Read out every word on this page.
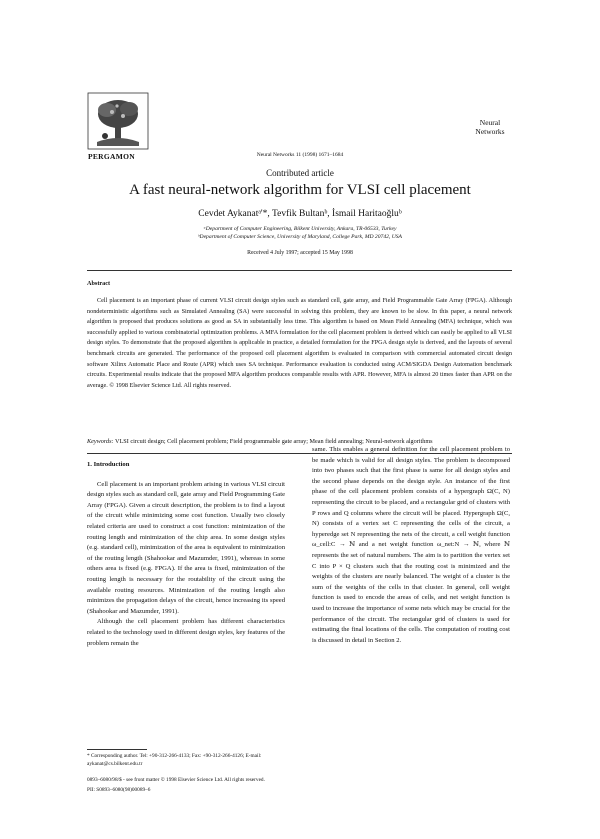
PERGAMON
Neural
Networks
Neural Networks 11 (1998) 1671–1684
Contributed article
A fast neural-network algorithm for VLSI cell placement
Cevdet Aykanatᵃ'*, Tevfik Bultanᵇ, İsmail Haritaoğluᵇ
ᵃDepartment of Computer Engineering, Bilkent University, Ankara, TR-06533, Turkey
ᵇDepartment of Computer Science, University of Maryland, College Park, MD 20742, USA
Received 4 July 1997; accepted 15 May 1998
Abstract
Cell placement is an important phase of current VLSI circuit design styles such as standard cell, gate array, and Field Programmable Gate Array (FPGA). Although nondeterministic algorithms such as Simulated Annealing (SA) were successful in solving this problem, they are known to be slow. In this paper, a neural network algorithm is proposed that produces solutions as good as SA in substantially less time. This algorithm is based on Mean Field Annealing (MFA) technique, which was successfully applied to various combinatorial optimization problems. A MFA formulation for the cell placement problem is derived which can easily be applied to all VLSI design styles. To demonstrate that the proposed algorithm is applicable in practice, a detailed formulation for the FPGA design style is derived, and the layouts of several benchmark circuits are generated. The performance of the proposed cell placement algorithm is evaluated in comparison with commercial automated circuit design software Xilinx Automatic Place and Route (APR) which uses SA technique. Performance evaluation is conducted using ACM/SIGDA Design Automation benchmark circuits. Experimental results indicate that the proposed MFA algorithm produces comparable results with APR. However, MFA is almost 20 times faster than APR on the average. © 1998 Elsevier Science Ltd. All rights reserved.
Keywords: VLSI circuit design; Cell placement problem; Field programmable gate array; Mean field annealing; Neural-network algorithms
1. Introduction

Cell placement is an important problem arising in various VLSI circuit design styles such as standard cell, gate array and Field Programming Gate Array (FPGA). Given a circuit description, the problem is to find a layout of the circuit while minimizing some cost function. Usually two closely related criteria are used to construct a cost function: minimization of the routing length and minimization of the chip area. In some design styles (e.g. standard cell), minimization of the area is equivalent to minimization of the routing length (Shahookar and Mazumder, 1991), whereas in some others area is fixed (e.g. FPGA). If the area is fixed, minimization of the routing length is necessary for the routability of the circuit using the available routing resources. Minimization of the routing length also minimizes the propagation delays of the circuit, hence increasing its speed (Shahookar and Mazumder, 1991).

Although the cell placement problem has different characteristics related to the technology used in different design styles, key features of the problem remain the

same. This enables a general definition for the cell placement problem to be made which is valid for all design styles. The problem is decomposed into two phases such that the first phase is same for all design styles and the second phase depends on the design style. An instance of the first phase of the cell placement problem consists of a hypergraph Ω(C, N) representing the circuit to be placed, and a rectangular grid of clusters with P rows and Q columns where the circuit will be placed. Hypergraph Ω(C, N) consists of a vertex set C representing the cells of the circuit, a hyperedge set N representing the nets of the circuit, a cell weight function ω_cell:C → ℕ and a net weight function ω_net:N → ℕ, where ℕ represents the set of natural numbers. The aim is to partition the vertex set C into P × Q clusters such that the routing cost is minimized and the weights of the clusters are nearly balanced. The weight of a cluster is the sum of the weights of the cells in that cluster. In general, cell weight function is used to encode the areas of cells, and net weight function is used to increase the importance of some nets which may be crucial for the performance of the circuit. The rectangular grid of clusters is used for estimating the final locations of the cells. The computation of routing cost is discussed in detail in Section 2.

* Corresponding author. Tel: +90-312-266-4133; Fax: +90-312-266-4126; E-mail: aykanat@cs.bilkent.edu.tr
0893–6080/98/$ - see front matter © 1998 Elsevier Science Ltd. All rights reserved.
PII: S0893–6080(98)00089–6
